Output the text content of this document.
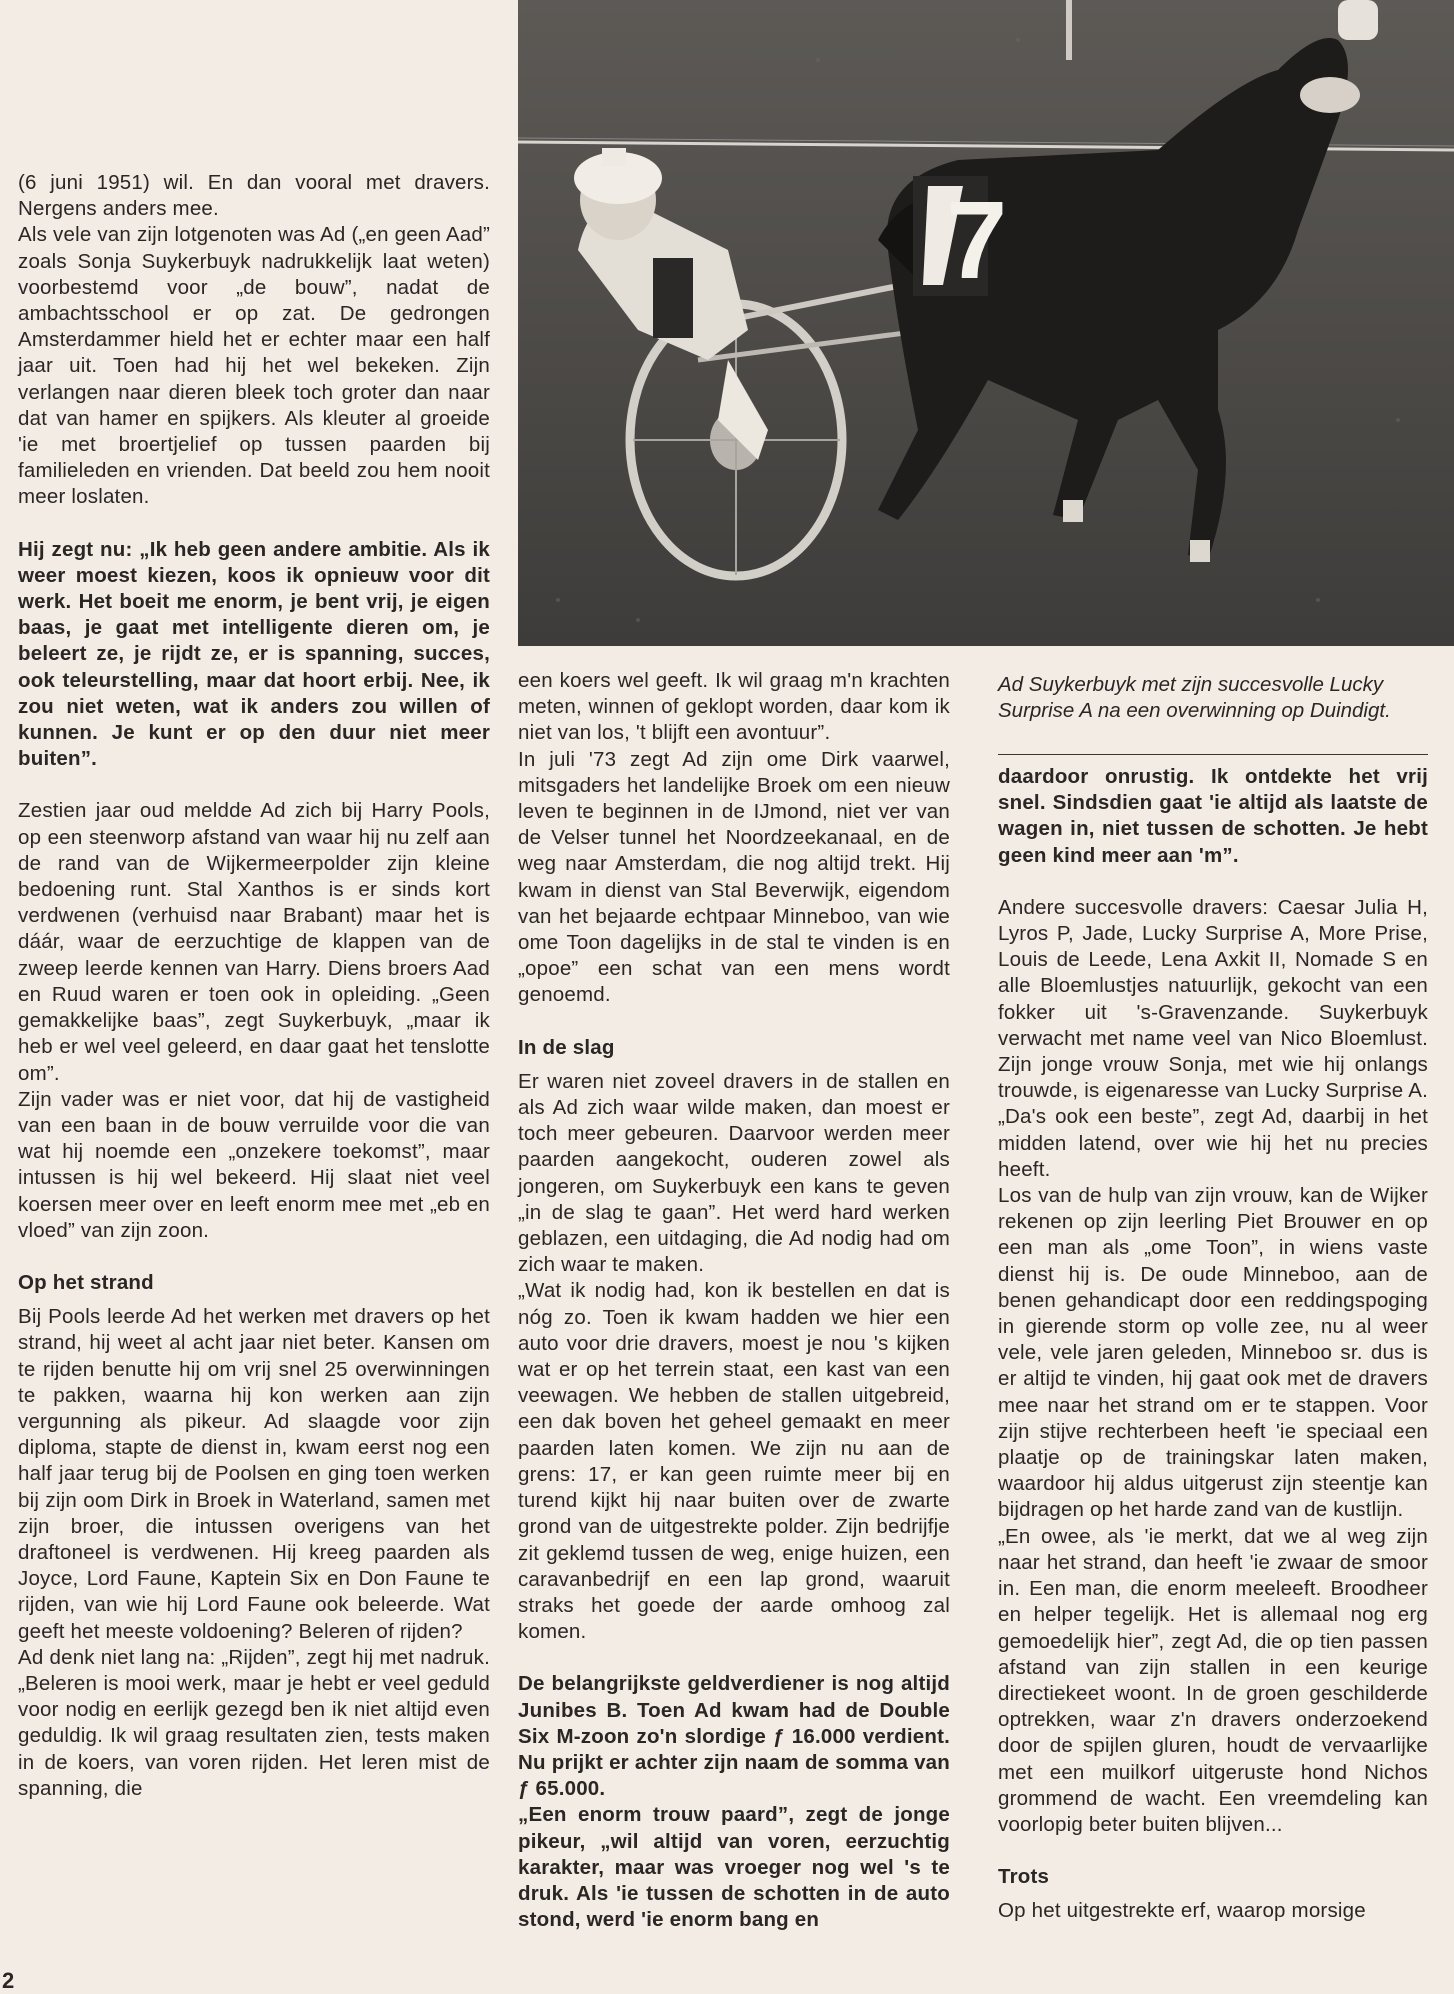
7

(6 juni 1951) wil. En dan vooral met dravers. Nergens anders mee.

Als vele van zijn lotgenoten was Ad („en geen Aad” zoals Sonja Suykerbuyk nadrukkelijk laat weten) voorbestemd voor „de bouw”, nadat de ambachtsschool er op zat. De gedrongen Amsterdammer hield het er echter maar een half jaar uit. Toen had hij het wel bekeken. Zijn verlangen naar dieren bleek toch groter dan naar dat van hamer en spijkers. Als kleuter al groeide 'ie met broertjelief op tussen paarden bij familieleden en vrienden. Dat beeld zou hem nooit meer loslaten.

Hij zegt nu: „Ik heb geen andere ambitie. Als ik weer moest kiezen, koos ik opnieuw voor dit werk. Het boeit me enorm, je bent vrij, je eigen baas, je gaat met intelligente dieren om, je beleert ze, je rijdt ze, er is spanning, succes, ook teleurstelling, maar dat hoort erbij. Nee, ik zou niet weten, wat ik anders zou willen of kunnen. Je kunt er op den duur niet meer buiten”.

Zestien jaar oud meldde Ad zich bij Harry Pools, op een steenworp afstand van waar hij nu zelf aan de rand van de Wijkermeerpolder zijn kleine bedoening runt. Stal Xanthos is er sinds kort verdwenen (verhuisd naar Brabant) maar het is dáár, waar de eerzuchtige de klappen van de zweep leerde kennen van Harry. Diens broers Aad en Ruud waren er toen ook in opleiding. „Geen gemakkelijke baas”, zegt Suykerbuyk, „maar ik heb er wel veel geleerd, en daar gaat het tenslotte om”.

Zijn vader was er niet voor, dat hij de vastigheid van een baan in de bouw verruilde voor die van wat hij noemde een „onzekere toekomst”, maar intussen is hij wel bekeerd. Hij slaat niet veel koersen meer over en leeft enorm mee met „eb en vloed” van zijn zoon.

Op het strand

Bij Pools leerde Ad het werken met dravers op het strand, hij weet al acht jaar niet beter. Kansen om te rijden benutte hij om vrij snel 25 overwinningen te pakken, waarna hij kon werken aan zijn vergunning als pikeur. Ad slaagde voor zijn diploma, stapte de dienst in, kwam eerst nog een half jaar terug bij de Poolsen en ging toen werken bij zijn oom Dirk in Broek in Waterland, samen met zijn broer, die intussen overigens van het draftoneel is verdwenen. Hij kreeg paarden als Joyce, Lord Faune, Kaptein Six en Don Faune te rijden, van wie hij Lord Faune ook beleerde. Wat geeft het meeste voldoening? Beleren of rijden?

Ad denk niet lang na: „Rijden”, zegt hij met nadruk. „Beleren is mooi werk, maar je hebt er veel geduld voor nodig en eerlijk gezegd ben ik niet altijd even geduldig. Ik wil graag resultaten zien, tests maken in de koers, van voren rijden. Het leren mist de spanning, die

een koers wel geeft. Ik wil graag m'n krachten meten, winnen of geklopt worden, daar kom ik niet van los, 't blijft een avontuur”.

In juli '73 zegt Ad zijn ome Dirk vaarwel, mitsgaders het landelijke Broek om een nieuw leven te beginnen in de IJmond, niet ver van de Velser tunnel het Noordzeekanaal, en de weg naar Amsterdam, die nog altijd trekt. Hij kwam in dienst van Stal Beverwijk, eigendom van het bejaarde echtpaar Minneboo, van wie ome Toon dagelijks in de stal te vinden is en „opoe” een schat van een mens wordt genoemd.

In de slag

Er waren niet zoveel dravers in de stallen en als Ad zich waar wilde maken, dan moest er toch meer gebeuren. Daarvoor werden meer paarden aangekocht, ouderen zowel als jongeren, om Suykerbuyk een kans te geven „in de slag te gaan”. Het werd hard werken geblazen, een uitdaging, die Ad nodig had om zich waar te maken.

„Wat ik nodig had, kon ik bestellen en dat is nóg zo. Toen ik kwam hadden we hier een auto voor drie dravers, moest je nou 's kijken wat er op het terrein staat, een kast van een veewagen. We hebben de stallen uitgebreid, een dak boven het geheel gemaakt en meer paarden laten komen. We zijn nu aan de grens: 17, er kan geen ruimte meer bij en turend kijkt hij naar buiten over de zwarte grond van de uitgestrekte polder. Zijn bedrijfje zit geklemd tussen de weg, enige huizen, een caravanbedrijf en een lap grond, waaruit straks het goede der aarde omhoog zal komen.

De belangrijkste geldverdiener is nog altijd Junibes B. Toen Ad kwam had de Double Six M-zoon zo'n slordige ƒ 16.000 verdient. Nu prijkt er achter zijn naam de somma van ƒ 65.000.

„Een enorm trouw paard”, zegt de jonge pikeur, „wil altijd van voren, eerzuchtig karakter, maar was vroeger nog wel 's te druk. Als 'ie tussen de schotten in de auto stond, werd 'ie enorm bang en

Ad Suykerbuyk met zijn succesvolle Lucky Surprise A na een overwinning op Duindigt.

daardoor onrustig. Ik ontdekte het vrij snel. Sindsdien gaat 'ie altijd als laatste de wagen in, niet tussen de schotten. Je hebt geen kind meer aan 'm”.

Andere succesvolle dravers: Caesar Julia H, Lyros P, Jade, Lucky Surprise A, More Prise, Louis de Leede, Lena Axkit II, Nomade S en alle Bloemlustjes natuurlijk, gekocht van een fokker uit 's-Gravenzande. Suykerbuyk verwacht met name veel van Nico Bloemlust. Zijn jonge vrouw Sonja, met wie hij onlangs trouwde, is eigenaresse van Lucky Surprise A. „Da's ook een beste”, zegt Ad, daarbij in het midden latend, over wie hij het nu precies heeft.

Los van de hulp van zijn vrouw, kan de Wijker rekenen op zijn leerling Piet Brouwer en op een man als „ome Toon”, in wiens vaste dienst hij is. De oude Minneboo, aan de benen gehandicapt door een reddingspoging in gierende storm op volle zee, nu al weer vele, vele jaren geleden, Minneboo sr. dus is er altijd te vinden, hij gaat ook met de dravers mee naar het strand om er te stappen. Voor zijn stijve rechterbeen heeft 'ie speciaal een plaatje op de trainingskar laten maken, waardoor hij aldus uitgerust zijn steentje kan bijdragen op het harde zand van de kustlijn.

„En owee, als 'ie merkt, dat we al weg zijn naar het strand, dan heeft 'ie zwaar de smoor in. Een man, die enorm meeleeft. Broodheer en helper tegelijk. Het is allemaal nog erg gemoedelijk hier”, zegt Ad, die op tien passen afstand van zijn stallen in een keurige directiekeet woont. In de groen geschilderde optrekken, waar z'n dravers onderzoekend door de spijlen gluren, houdt de vervaarlijke met een muilkorf uitgeruste hond Nichos grommend de wacht. Een vreemdeling kan voorlopig beter buiten blijven...

Trots

Op het uitgestrekte erf, waarop morsige

2
